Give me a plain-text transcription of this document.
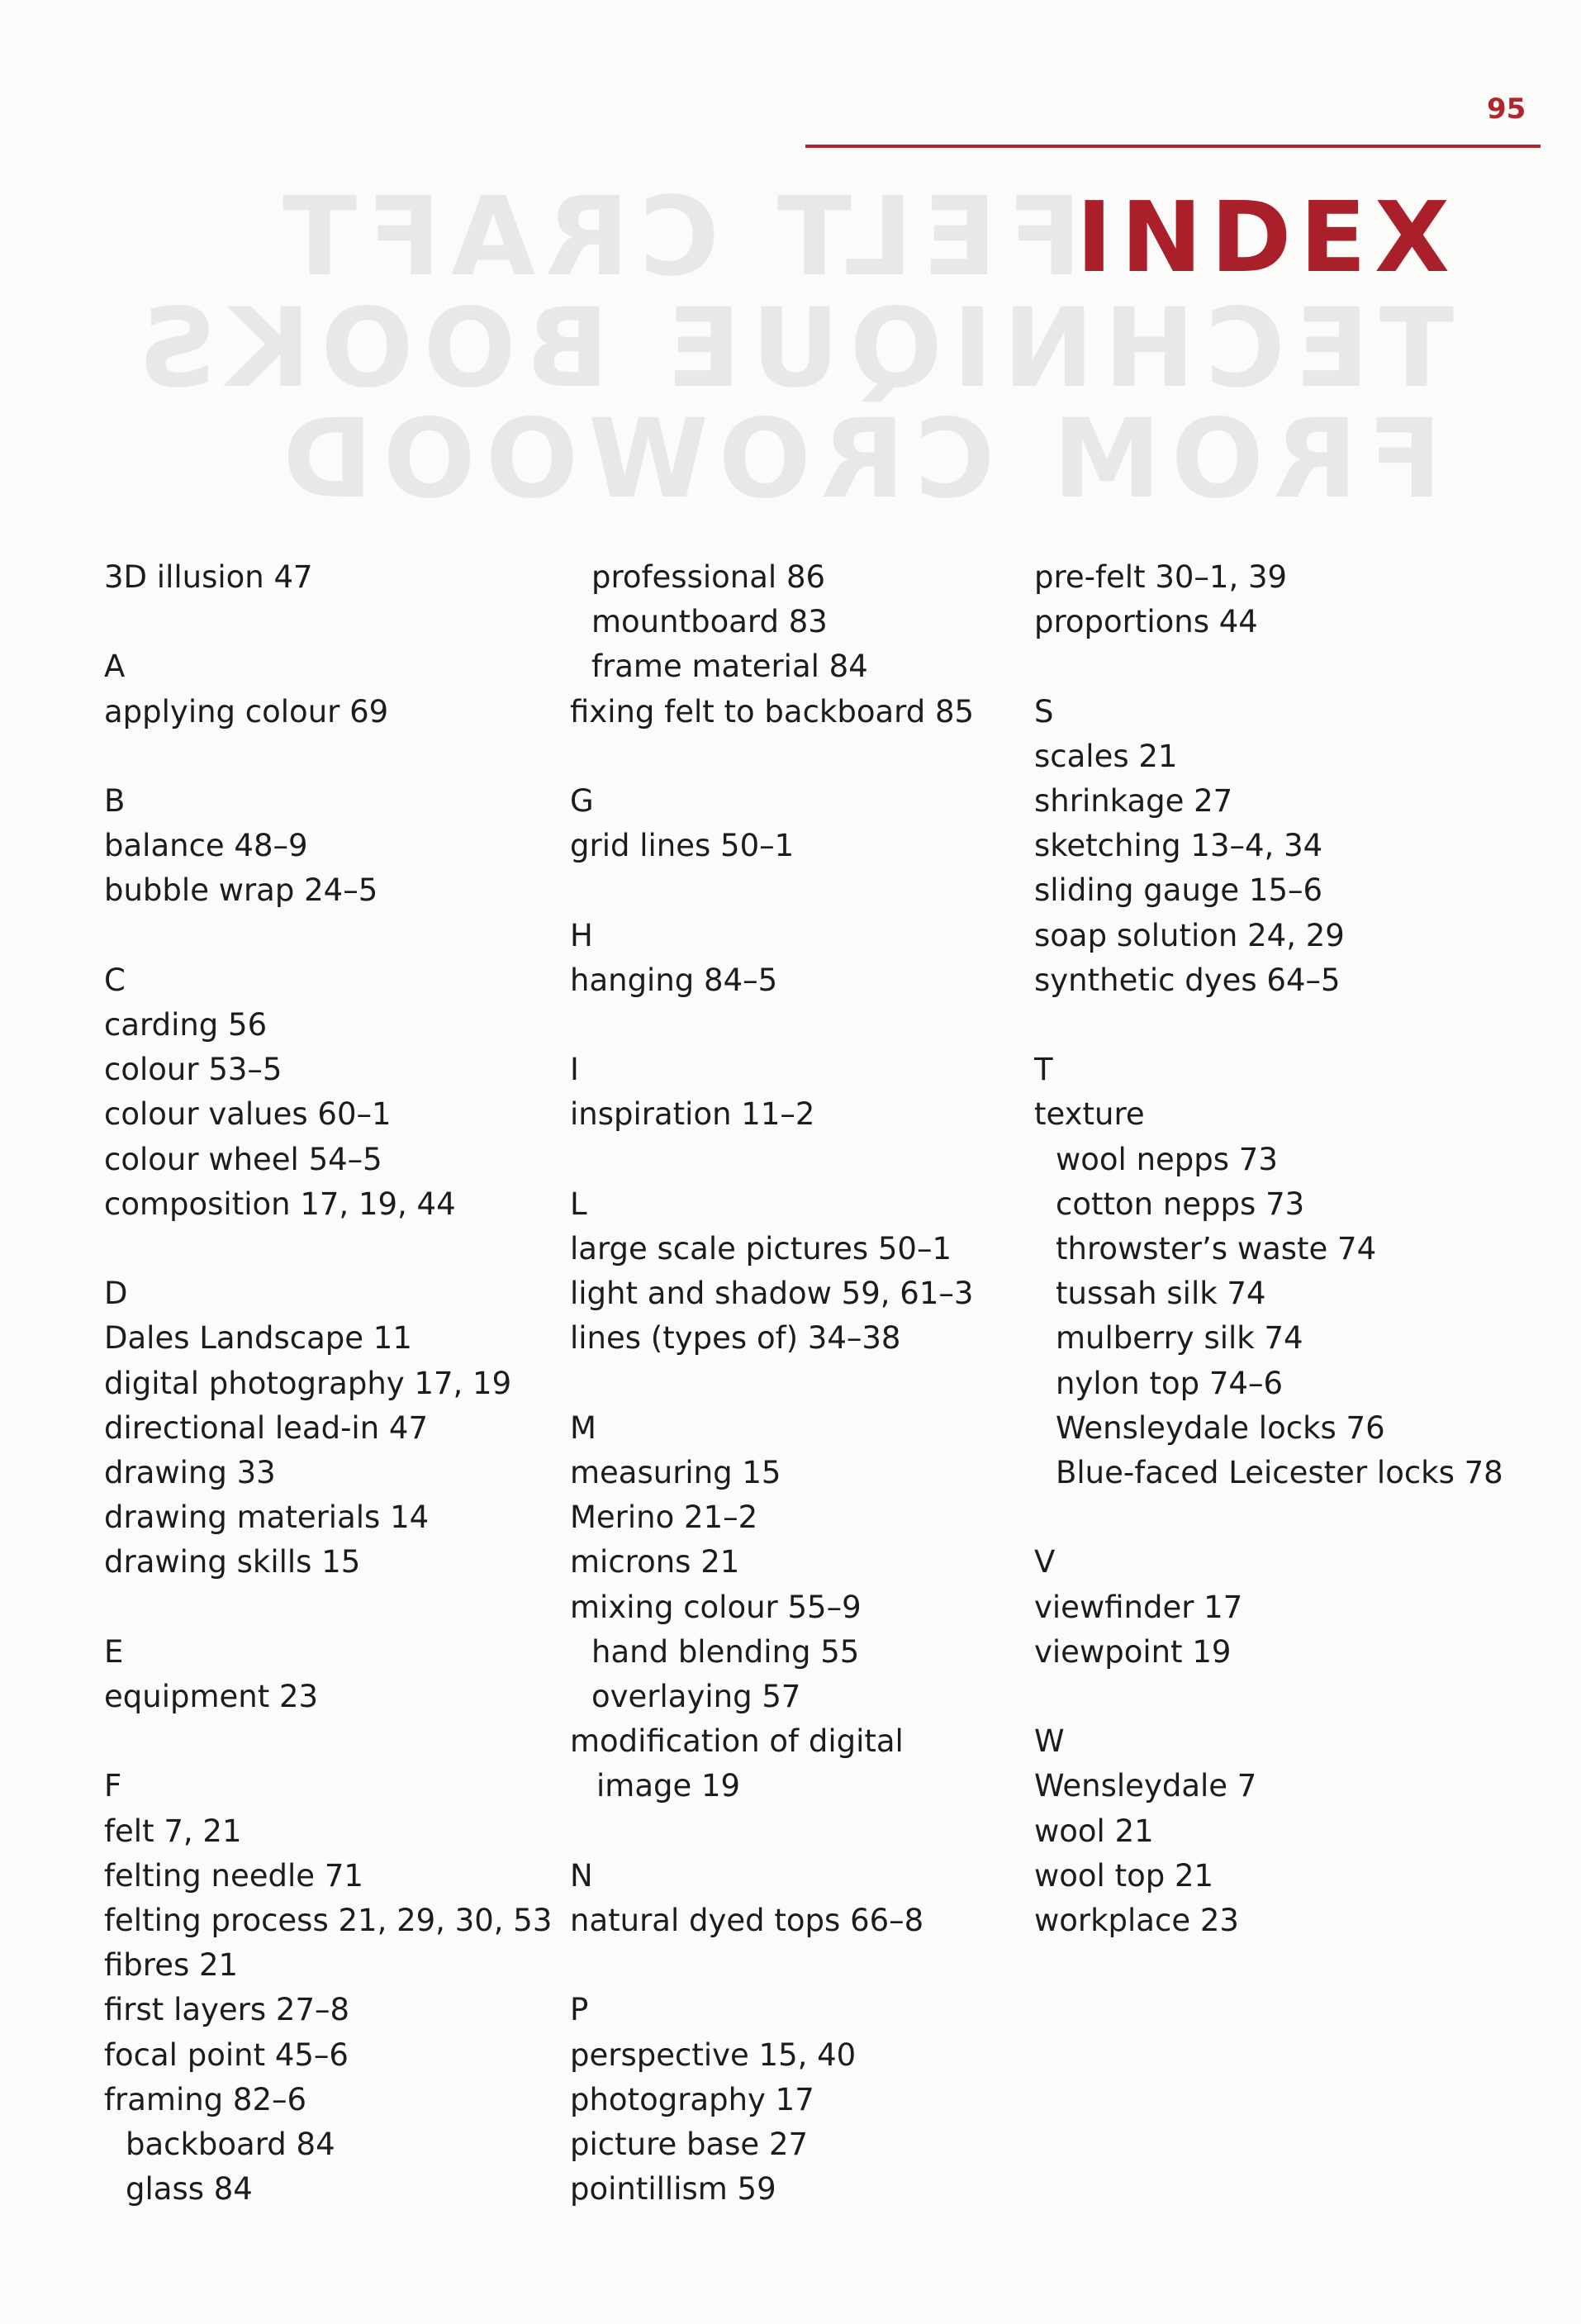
95
FELT CRAFT
TECHNIQUE BOOKS
FROM CROWOOD
INDEX
3D illusion 47
A
applying colour 69
B
balance 48–9
bubble wrap 24–5
C
carding 56
colour 53–5
colour values 60–1
colour wheel 54–5
composition 17, 19, 44
D
Dales Landscape 11
digital photography 17, 19
directional lead-in 47
drawing 33
drawing materials 14
drawing skills 15
E
equipment 23
F
felt 7, 21
felting needle 71
felting process 21, 29, 30, 53
fibres 21
first layers 27–8
focal point 45–6
framing 82–6
backboard 84
glass 84
professional 86
mountboard 83
frame material 84
fixing felt to backboard 85
G
grid lines 50–1
H
hanging 84–5
I
inspiration 11–2
L
large scale pictures 50–1
light and shadow 59, 61–3
lines (types of) 34–38
M
measuring 15
Merino 21–2
microns 21
mixing colour 55–9
hand blending 55
overlaying 57
modification of digital
image 19
N
natural dyed tops 66–8
P
perspective 15, 40
photography 17
picture base 27
pointillism 59
pre-felt 30–1, 39
proportions 44
S
scales 21
shrinkage 27
sketching 13–4, 34
sliding gauge 15–6
soap solution 24, 29
synthetic dyes 64–5
T
texture
wool nepps 73
cotton nepps 73
throwster’s waste 74
tussah silk 74
mulberry silk 74
nylon top 74–6
Wensleydale locks 76
Blue-faced Leicester locks 78
V
viewfinder 17
viewpoint 19
W
Wensleydale 7
wool 21
wool top 21
workplace 23
